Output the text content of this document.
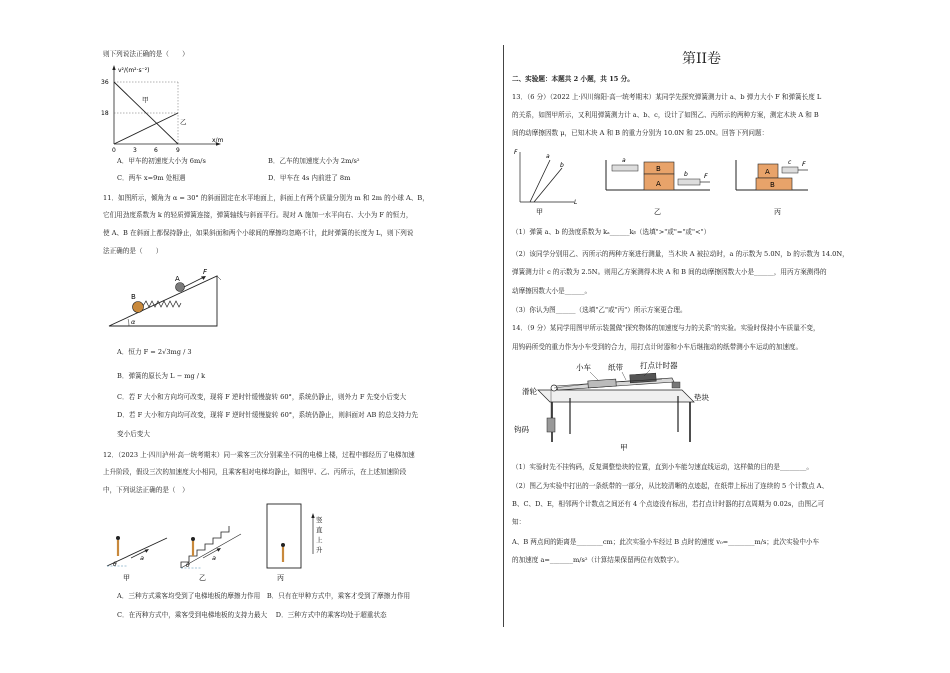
则下列说法正确的是（　　）
v²/(m²·s⁻²)
x/m
36
18
0	3	6	9
甲
乙
A．甲车的初速度大小为 6m/s	B．乙车的加速度大小为 2m/s²
C．两车 x=9m 处相遇	D．甲车在 4s 内前进了 8m
11．如图所示，倾角为 α = 30° 的斜面固定在水平地面上，斜面上有两个质量分别为 m 和 2m 的小球 A、B，
它们用劲度系数为 k 的轻质弹簧连接，弹簧轴线与斜面平行。现对 A 施加一水平向右、大小为 F 的恒力，
使 A、B 在斜面上都保持静止，如果斜面和两个小球间的摩擦均忽略不计，此时弹簧的长度为 L，则下列说
法正确的是（　　）
B
A
F
α
A．恒力 F = 2√3mg / 3
B．弹簧的原长为 L − mg / k
C．若 F 大小和方向均可改变，现将 F 逆时针缓慢旋转 60°，系统仍静止，则外力 F 先变小后变大
D．若 F 大小和方向均可改变，现将 F 逆时针缓慢旋转 60°，系统仍静止，则斜面对 AB 的总支持力先
变小后变大
12．（2023 上·四川泸州·高一统考期末）同一乘客三次分别乘坐不同的电梯上楼，过程中都经历了电梯加速
上升阶段，假设三次的加速度大小相同，且乘客相对电梯均静止，如图甲、乙、丙所示，在上述加速阶段
中，下列说法正确的是（　）
a
θ
甲
a
θ
乙
竖
直
上
升
丙
A．三种方式乘客均受到了电梯地板的摩擦力作用　B．只有在甲种方式中，乘客才受到了摩擦力作用
C．在丙种方式中，乘客受到电梯地板的支持力最大　 D．三种方式中的乘客均处于超重状态
第II卷
二、实验题：本题共 2 小题，共 15 分。
13．（6 分）（2022 上·四川绵阳·高一统考期末）某同学先探究弹簧测力计 a、b 弹力大小 F 和弹簧长度 L
的关系，如图甲所示，又利用弹簧测力计 a、b、c，设计了如图乙、丙所示的两种方案，测定木块 A 和 B
间的动摩擦因数 μ，已知木块 A 和 B 的重力分别为 10.0N 和 25.0N。回答下列问题：
F
L
a
b
甲
B
A
a
b F
乙
A
B
c F
丙
（1）弹簧 a、b 的劲度系数为 kₐ______kᵦ（选填">"或"="或"<"）
（2）该同学分别用乙、丙所示的两种方案进行测量，当木块 A 被拉动时，a 的示数为 5.0N，b 的示数为 14.0N，
弹簧测力计 c 的示数为 2.5N。则用乙方案测得木块 A 和 B 间的动摩擦因数大小是______，用丙方案测得的
动摩擦因数大小是______。
（3）你认为图______（选填"乙"或"丙"）所示方案更合理。
14．（9 分）某同学用图甲所示装置做"探究物体的加速度与力的关系"的实验。实验时保持小车质量不变，
用钩码所受的重力作为小车受到的合力，用打点计时器和小车后继拖动的纸带测小车运动的加速度。
小车 纸带 打点计时器
滑轮
垫块
钩码
甲
（1）实验时先不挂钩码，反复调整垫块的位置，直到小车能匀速直线运动，这样做的目的是________。
（2）图乙为实验中打出的一条纸带的一部分，从比较清晰的点迹起，在纸带上标出了连续的 5 个计数点 A、
B、C、D、E，相邻两个计数点之间还有 4 个点迹没有标出，若打点计时器的打点周期为 0.02s，由图乙可
知：
A、B 两点间的距离是________cm；此次实验小车经过 B 点时的速度 v₀=________m/s；此次实验中小车
的加速度 a=_______m/s²（计算结果保留两位有效数字）。
